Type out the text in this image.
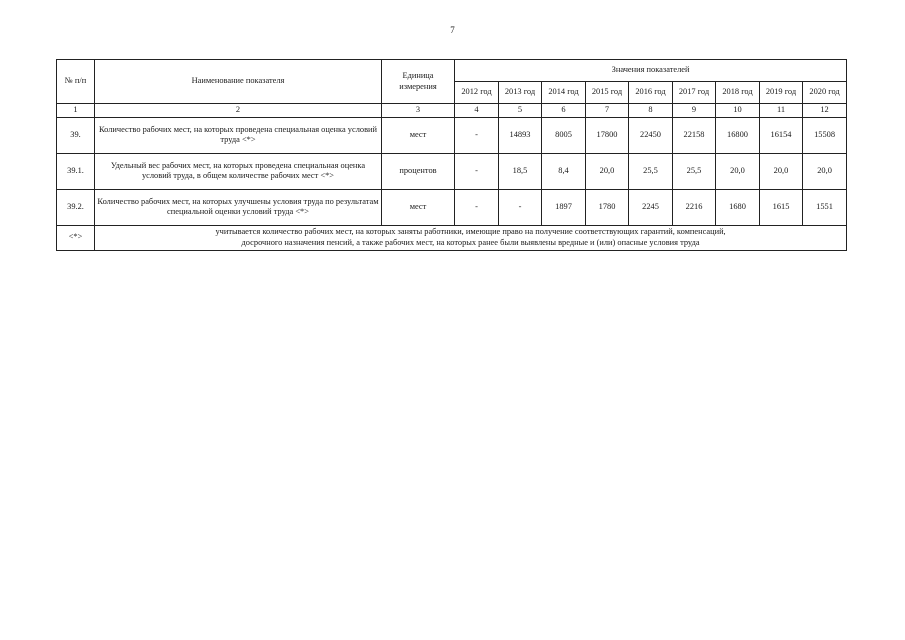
7
№ п/п	Наименование показателя	Единица измерения	Значения показателей								
			2012 год	2013 год	2014 год	2015 год	2016 год	2017 год	2018 год	2019 год	2020 год
1	2	3	4	5	6	7	8	9	10	11	12
39.	Количество рабочих мест, на которых проведена специальная оценка условий труда <*>	мест	-	14893	8005	17800	22450	22158	16800	16154	15508
39.1.	Удельный вес рабочих мест, на которых проведена специальная оценка условий труда, в общем количестве рабочих мест <*>	процентов	-	18,5	8,4	20,0	25,5	25,5	20,0	20,0	20,0
39.2.	Количество рабочих мест, на которых улучшены условия труда по результатам специальной оценки условий труда <*>	мест	-	-	1897	1780	2245	2216	1680	1615	1551
<*>	учитывается количество рабочих мест, на которых заняты работники, имеющие право на получение соответствующих гарантий, компенсаций,
досрочного назначения пенсий, а также рабочих мест, на которых ранее были выявлены вредные и (или) опасные условия труда										
